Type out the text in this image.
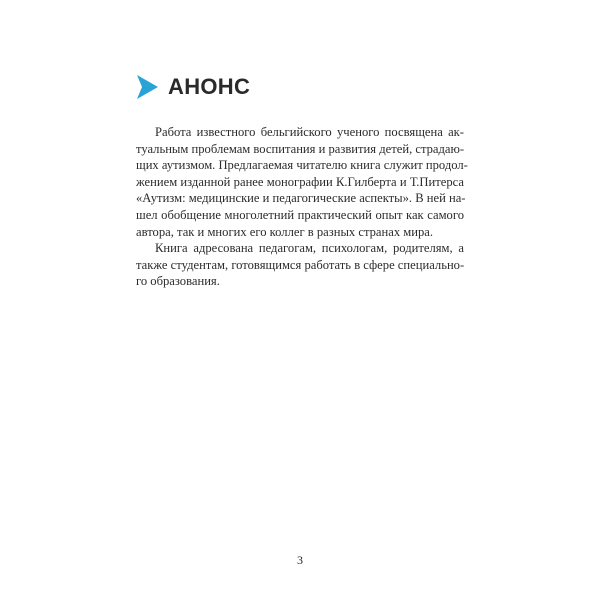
АНОНС
Работа известного бельгийского ученого посвящена ак-
туальным проблемам воспитания и развития детей, страдаю-
щих аутизмом. Предлагаемая читателю книга служит продол-
жением изданной ранее монографии К.Гилберта и Т.Питерса
«Аутизм: медицинские и педагогические аспекты». В ней на-
шел обобщение многолетний практический опыт как самого
автора, так и многих его коллег в разных странах мира.
Книга адресована педагогам, психологам, родителям, а
также студентам, готовящимся работать в сфере специально-
го образования.
3
